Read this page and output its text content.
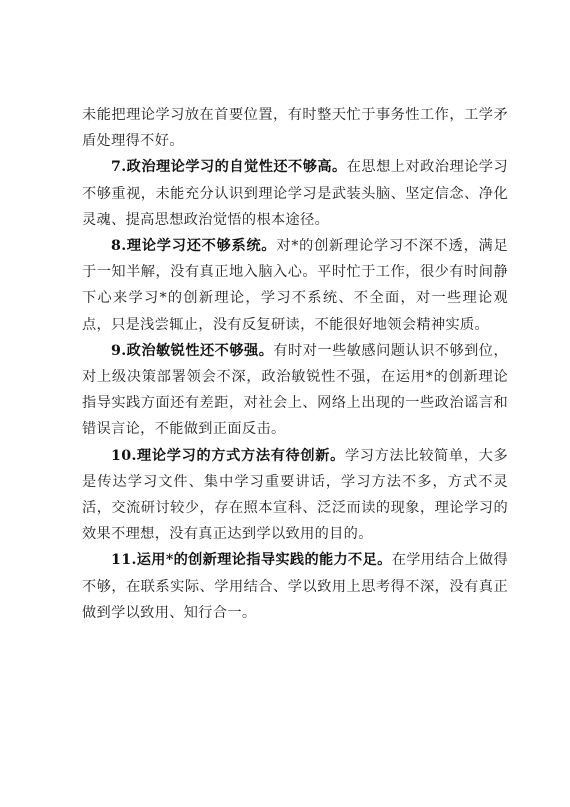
未能把理论学习放在首要位置，有时整天忙于事务性工作，工学矛盾处理得不好。

7.政治理论学习的自觉性还不够高。在思想上对政治理论学习不够重视，未能充分认识到理论学习是武装头脑、坚定信念、净化灵魂、提高思想政治觉悟的根本途径。

8.理论学习还不够系统。对*的创新理论学习不深不透，满足于一知半解，没有真正地入脑入心。平时忙于工作，很少有时间静下心来学习*的创新理论，学习不系统、不全面，对一些理论观点，只是浅尝辄止，没有反复研读，不能很好地领会精神实质。

9.政治敏锐性还不够强。有时对一些敏感问题认识不够到位，对上级决策部署领会不深，政治敏锐性不强，在运用*的创新理论指导实践方面还有差距，对社会上、网络上出现的一些政治谣言和错误言论，不能做到正面反击。

10.理论学习的方式方法有待创新。学习方法比较简单，大多是传达学习文件、集中学习重要讲话，学习方法不多，方式不灵活，交流研讨较少，存在照本宣科、泛泛而读的现象，理论学习的效果不理想，没有真正达到学以致用的目的。

11.运用*的创新理论指导实践的能力不足。在学用结合上做得不够，在联系实际、学用结合、学以致用上思考得不深，没有真正做到学以致用、知行合一。
